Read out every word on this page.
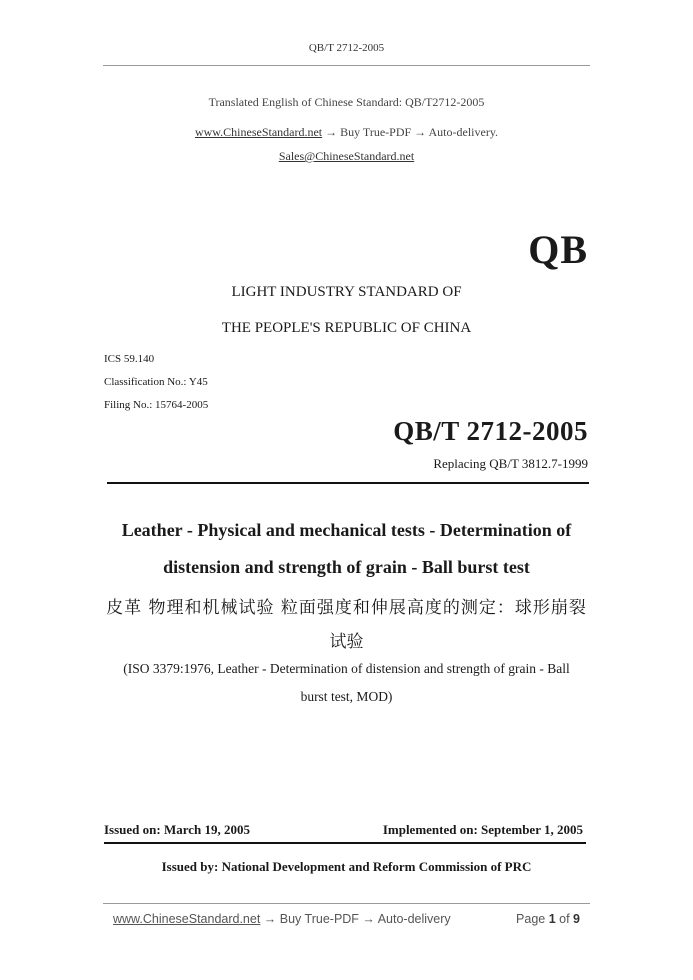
QB/T 2712-2005
Translated English of Chinese Standard: QB/T2712-2005
www.ChineseStandard.net → Buy True-PDF → Auto-delivery.
Sales@ChineseStandard.net
QB
LIGHT INDUSTRY STANDARD OF
THE PEOPLE'S REPUBLIC OF CHINA
ICS 59.140
Classification No.: Y45
Filing No.: 15764-2005
QB/T 2712-2005
Replacing QB/T 3812.7-1999
Leather - Physical and mechanical tests - Determination of
distension and strength of grain - Ball burst test
皮革 物理和机械试验 粒面强度和伸展高度的测定：球形崩裂
试验
(ISO 3379:1976, Leather - Determination of distension and strength of grain - Ball
burst test, MOD)
Issued on: March 19, 2005	Implemented on: September 1, 2005
Issued by: National Development and Reform Commission of PRC
www.ChineseStandard.net → Buy True-PDF → Auto-delivery	Page 1 of 9
